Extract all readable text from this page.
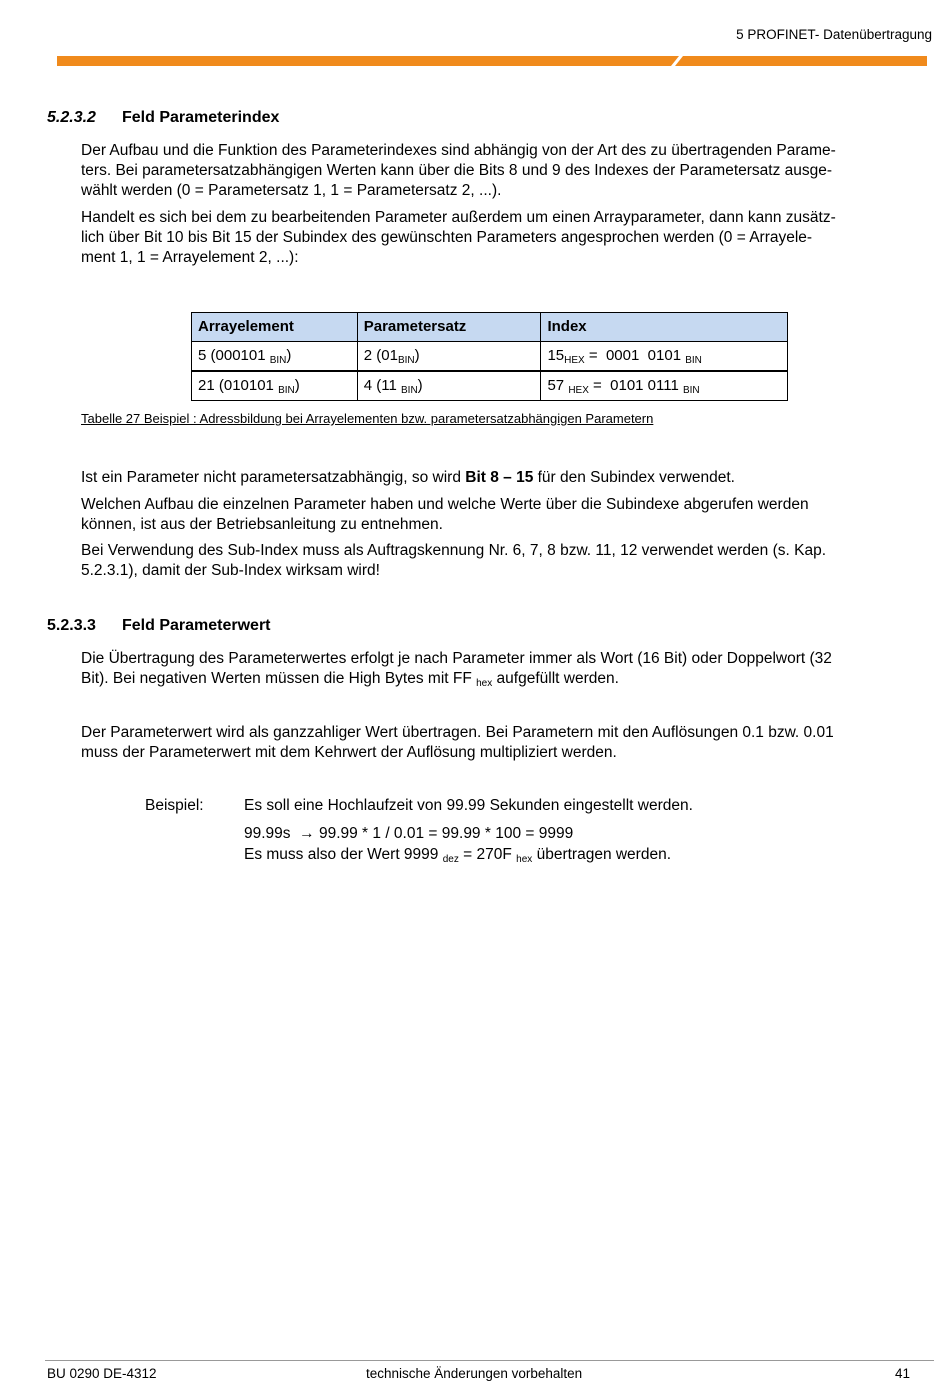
5 PROFINET- Datenübertragung
5.2.3.2 Feld Parameterindex
Der Aufbau und die Funktion des Parameterindexes sind abhängig von der Art des zu übertragenden Parame-
ters. Bei parametersatzabhängigen Werten kann über die Bits 8 und 9 des Indexes der Parametersatz ausge-
wählt werden (0 = Parametersatz 1, 1 = Parametersatz 2, ...).
Handelt es sich bei dem zu bearbeitenden Parameter außerdem um einen Arrayparameter, dann kann zusätz-
lich über Bit 10 bis Bit 15 der Subindex des gewünschten Parameters angesprochen werden (0 = Arrayele-
ment 1, 1 = Arrayelement 2, ...):
Arrayelement	Parametersatz	Index
5 (000101 $_{BIN}$)	2 $(01_{BIN})$	$15_{HEX} = 0001$  0101 $_{BIN}$
21 (010101 $_{BIN}$)	4 (11 $_{BIN}$)	57 $_{HEX}$ =  0101 0111 $_{BIN}$
Tabelle 27 Beispiel : Adressbildung bei Arrayelementen bzw. parametersatzabhängigen Parametern
Ist ein Parameter nicht parametersatzabhängig, so wird Bit 8 – 15 für den Subindex verwendet.
Welchen Aufbau die einzelnen Parameter haben und welche Werte über die Subindexe abgerufen werden
können, ist aus der Betriebsanleitung zu entnehmen.
Bei Verwendung des Sub-Index muss als Auftragskennung Nr. 6, 7, 8 bzw. 11, 12 verwendet werden (s. Kap.
5.2.3.1), damit der Sub-Index wirksam wird!
5.2.3.3 Feld Parameterwert
Die Übertragung des Parameterwertes erfolgt je nach Parameter immer als Wort (16 Bit) oder Doppelwort (32
Bit). Bei negativen Werten müssen die High Bytes mit FF $_{hex}$ aufgefüllt werden.
Der Parameterwert wird als ganzzahliger Wert übertragen. Bei Parametern mit den Auflösungen 0.1 bzw. 0.01
muss der Parameterwert mit dem Kehrwert der Auflösung multipliziert werden.
Beispiel:	Es soll eine Hochlaufzeit von 99.99 Sekunden eingestellt werden.
99.99s  → 99.99 * 1 / 0.01 = 99.99 * 100 = 9999
Es muss also der Wert 9999 $_{dez}$ = 270F $_{hex}$ übertragen werden.
BU 0290 DE-4312	technische Änderungen vorbehalten	41
